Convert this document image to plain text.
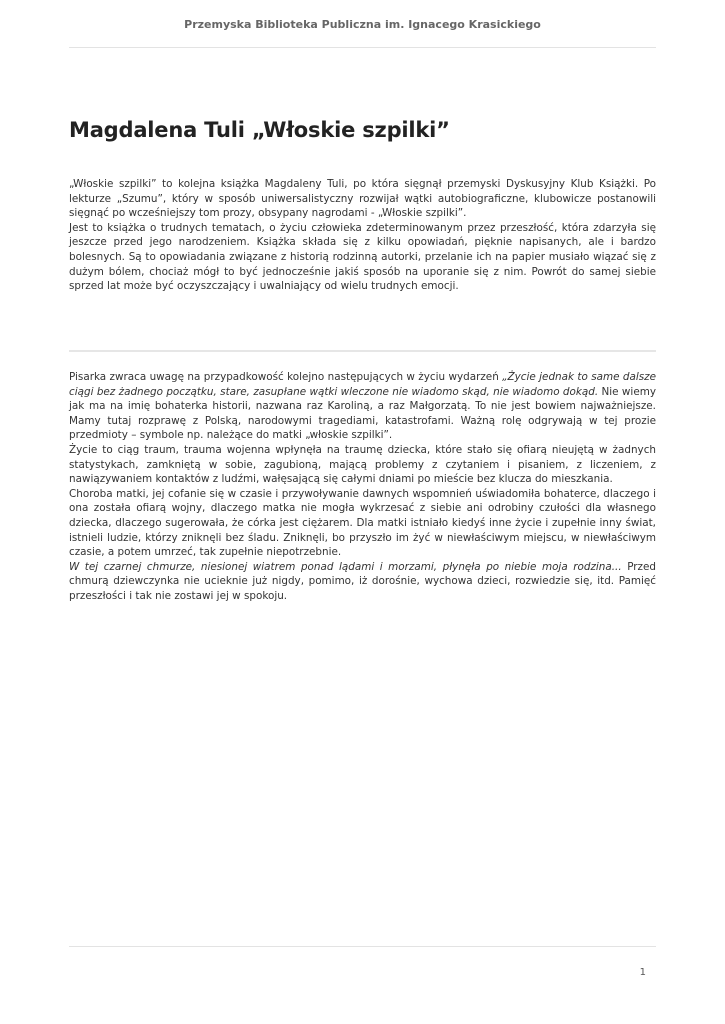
Przemyska Biblioteka Publiczna im. Ignacego Krasickiego
Magdalena Tuli „Włoskie szpilki”

„Włoskie szpilki” to kolejna książka Magdaleny Tuli, po która sięgnął przemyski Dyskusyjny Klub Książki. Po lekturze „Szumu”, który w sposób uniwersalistyczny rozwijał wątki autobiograficzne, klubowicze postanowili sięgnąć po wcześniejszy tom prozy, obsypany nagrodami - „Włoskie szpilki”.

Jest to książka o trudnych tematach, o życiu człowieka zdeterminowanym przez przeszłość, która zdarzyła się jeszcze przed jego narodzeniem. Książka składa się z kilku opowiadań, pięknie napisanych, ale i bardzo bolesnych. Są to opowiadania związane z historią rodzinną autorki, przelanie ich na papier musiało wiązać się z dużym bólem, chociaż mógł to być jednocześnie jakiś sposób na uporanie się z nim. Powrót do samej siebie sprzed lat może być oczyszczający i uwalniający od wielu trudnych emocji.

Pisarka zwraca uwagę na przypadkowość kolejno następujących w życiu wydarzeń „Życie jednak to same dalsze ciągi bez żadnego początku, stare, zasupłane wątki wleczone nie wiadomo skąd, nie wiadomo dokąd. Nie wiemy jak ma na imię bohaterka historii, nazwana raz Karoliną, a raz Małgorzatą. To nie jest bowiem najważniejsze. Mamy tutaj rozprawę z Polską, narodowymi tragediami, katastrofami. Ważną rolę odgrywają w tej prozie przedmioty – symbole np. należące do matki „włoskie szpilki”.

Życie to ciąg traum, trauma wojenna wpłynęła na traumę dziecka, które stało się ofiarą nieujętą w żadnych statystykach, zamkniętą w sobie, zagubioną, mającą problemy z czytaniem i pisaniem, z liczeniem, z nawiązywaniem kontaktów z ludźmi, wałęsającą się całymi dniami po mieście bez klucza do mieszkania.

Choroba matki, jej cofanie się w czasie i przywoływanie dawnych wspomnień uświadomiła bohaterce, dlaczego i ona została ofiarą wojny, dlaczego matka nie mogła wykrzesać z siebie ani odrobiny czułości dla własnego dziecka, dlaczego sugerowała, że córka jest ciężarem. Dla matki istniało kiedyś inne życie i zupełnie inny świat, istnieli ludzie, którzy zniknęli bez śladu. Zniknęli, bo przyszło im żyć w niewłaściwym miejscu, w niewłaściwym czasie, a potem umrzeć, tak zupełnie niepotrzebnie.

W tej czarnej chmurze, niesionej wiatrem ponad lądami i morzami, płynęła po niebie moja rodzina... Przed chmurą dziewczynka nie ucieknie już nigdy, pomimo, iż dorośnie, wychowa dzieci, rozwiedzie się, itd. Pamięć przeszłości i tak nie zostawi jej w spokoju.

1
